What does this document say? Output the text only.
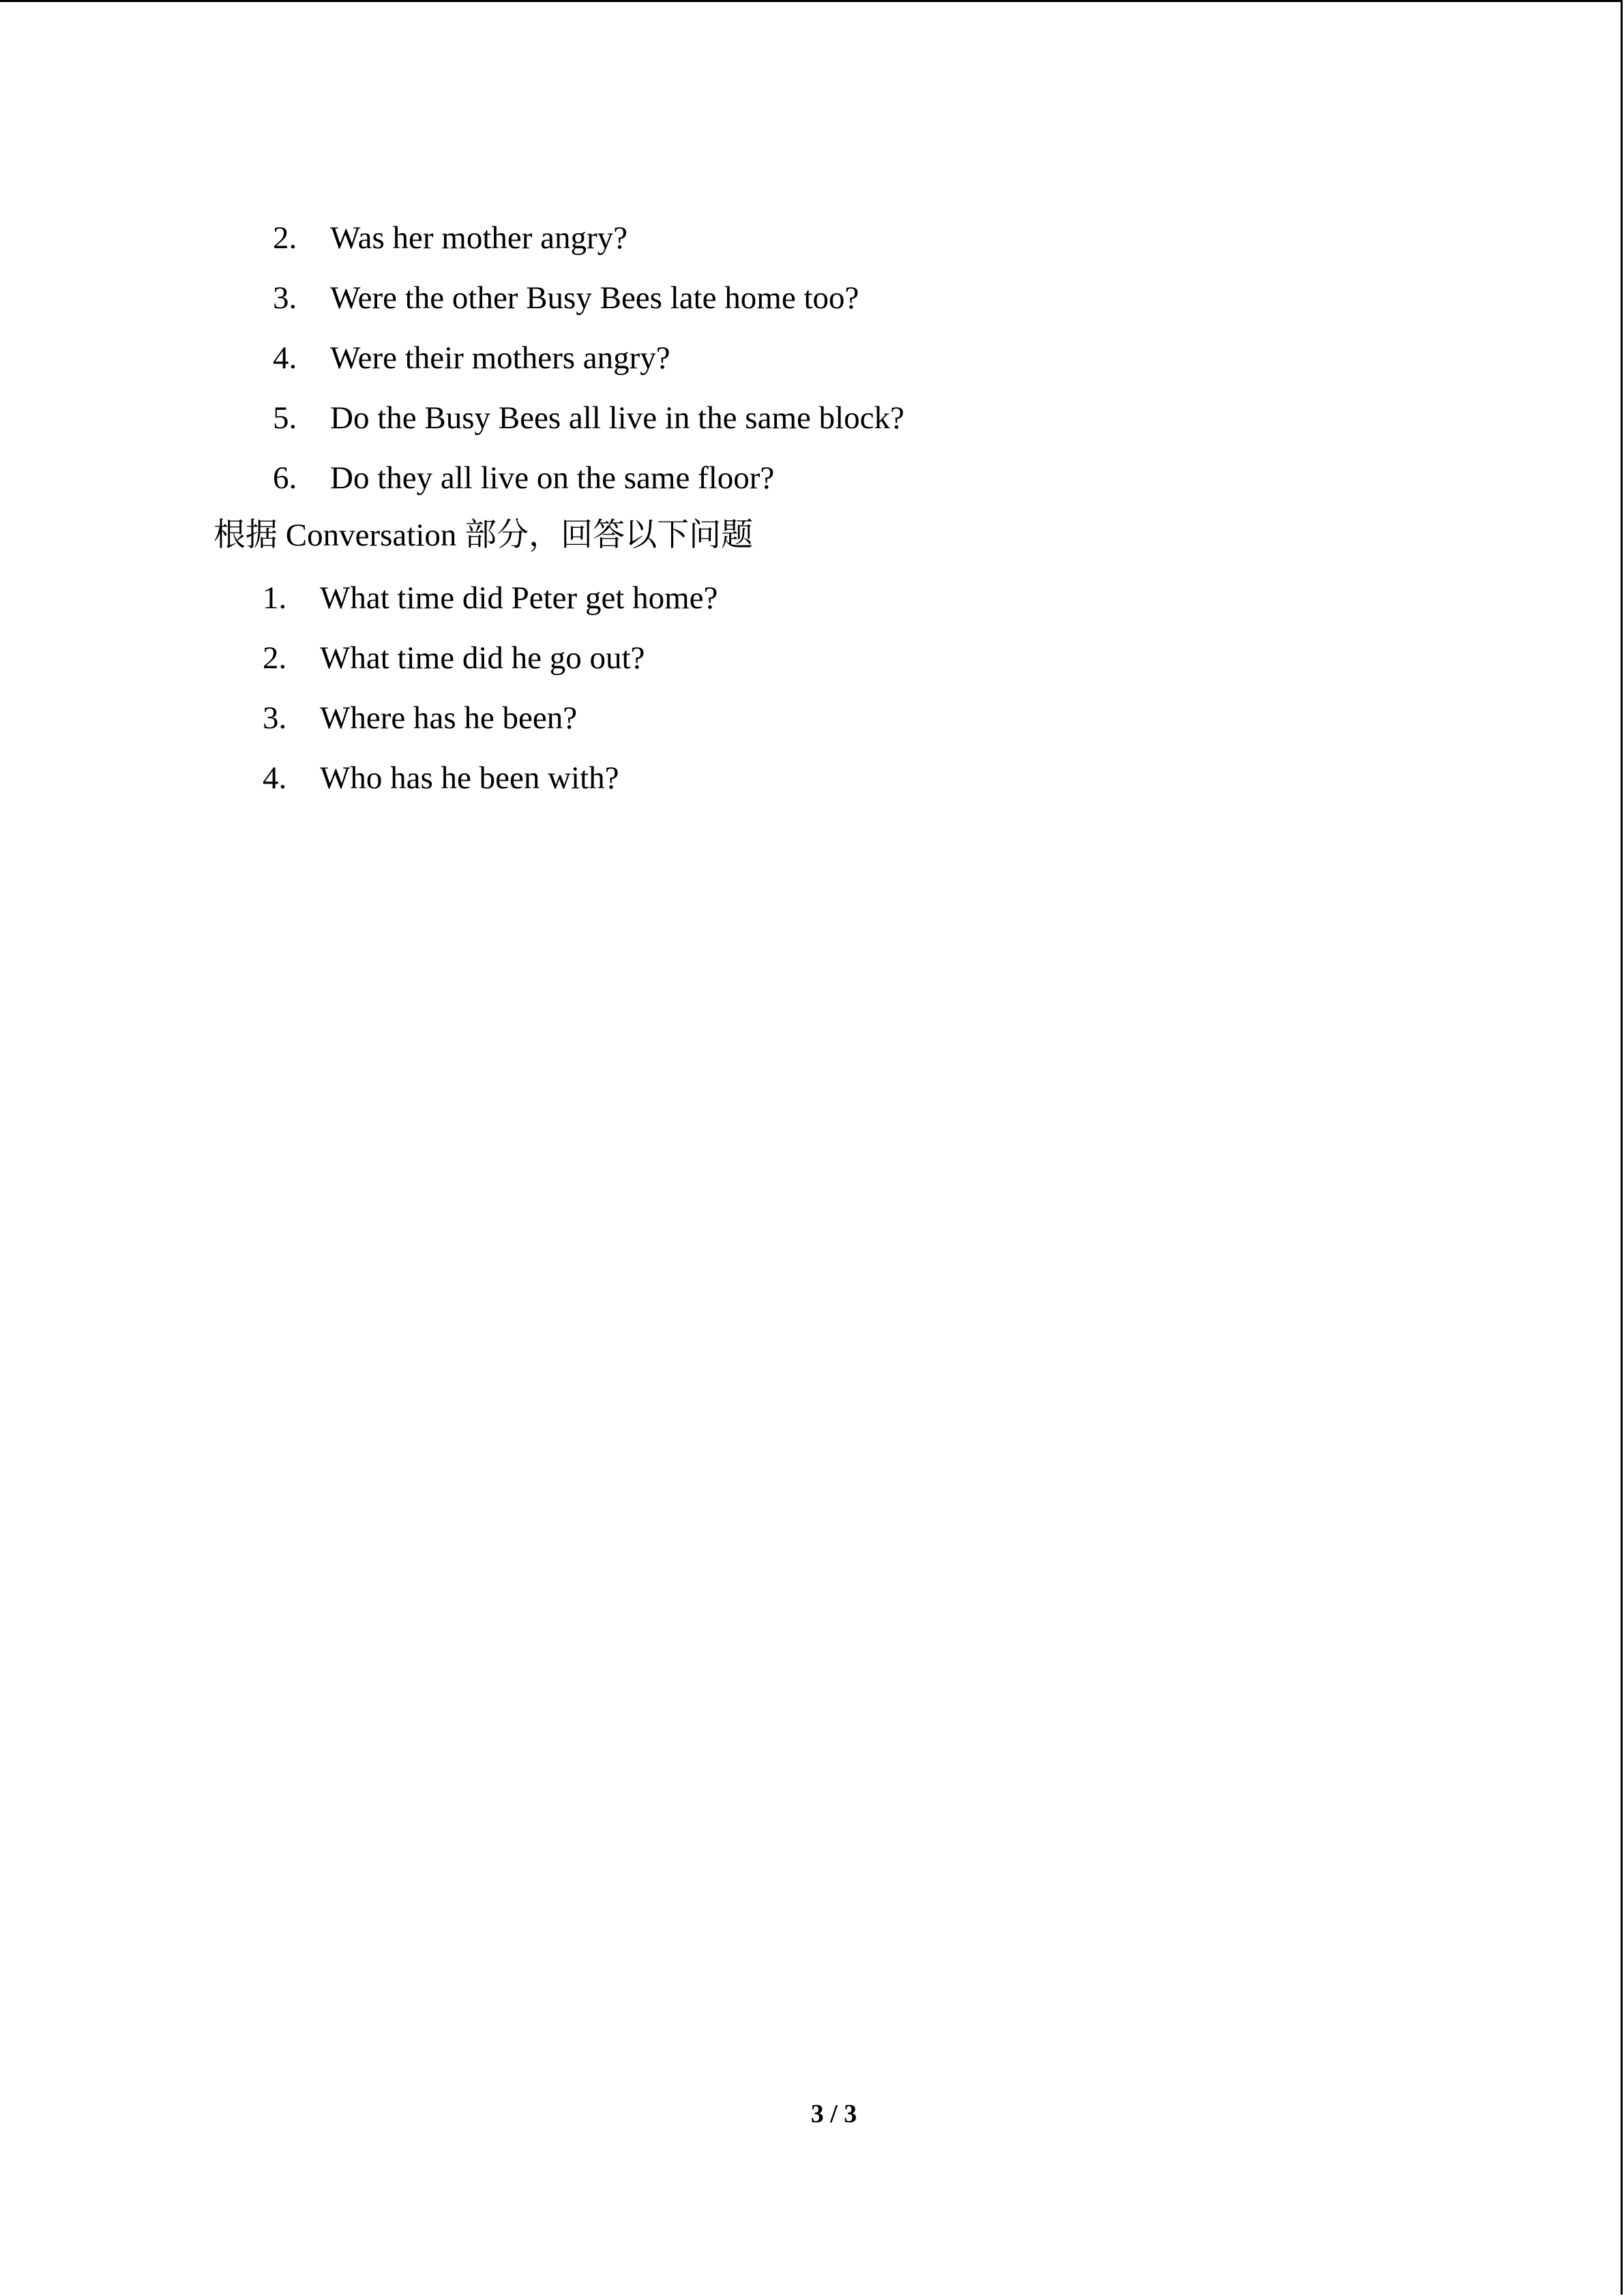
2. Was her mother angry?
3. Were the other Busy Bees late home too?
4. Were their mothers angry?
5. Do the Busy Bees all live in the same block?
6. Do they all live on the same floor?
根据 Conversation 部分，回答以下问题
1. What time did Peter get home?
2. What time did he go out?
3. Where has he been?
4. Who has he been with?
3 / 3
